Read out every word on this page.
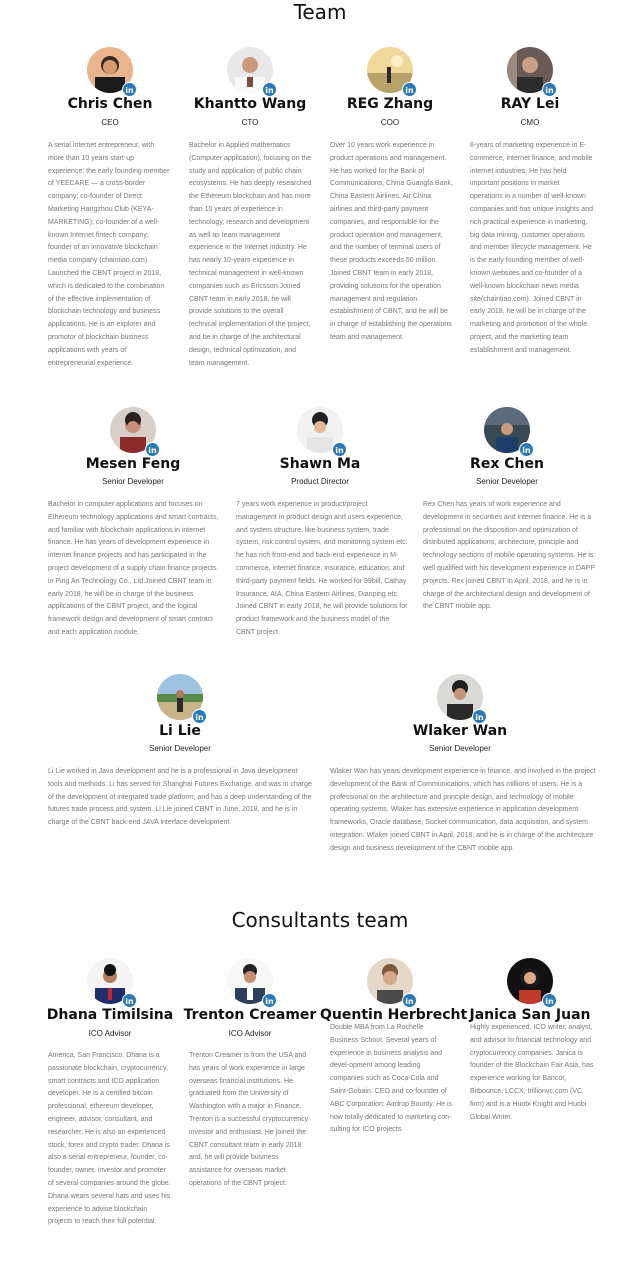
Team
in
Chris Chen
CEO
A serial internet entrepreneur, with more than 10 years start-up experience; the early founding member of YEECARE — a cross-border company; co-founder of Direct Marketing Hangzhou Club (KEYA-MARKETING); co-founder of a well-known Internet fintech company; founder of an innovative blockchain media company (chaintiao.com). Launched the CBNT project in 2018, which is dedicated to the combination of the effective implementation of blockchain technology and business applications. He is an explorer and promotor of blockchain business applications with years of entrepreneurial experience.
in
Khantto Wang
CTO
Bachelor in Applied mathematics (Computer application), focusing on the study and application of public chain ecosystems. He has deeply researched the Ethereum blockchain and has more than 10 years of experience in technology, research and development as well as team management experience in the Internet industry. He has nearly 10-years experience in technical management in well-known companies such as Ericsson.Joined CBNT team in early 2018, he will provide solutions to the overall technical implementation of the project, and be in charge of the architectural design, technical optimization, and team management.
in
REG Zhang
COO
Over 10 years work experience in product operations and management. He has worked for the Bank of Communications, China Guangfa Bank, China Eastern Airlines, Air China airlines and third-party payment companies, and responsible for the product operation and management, and the number of terminal users of these products exceeds 50 million. Joined CBNT team in early 2018, providing solutions for the operation management and regulation establishment of CBNT, and he will be in charge of establishing the operations team and management.
in
RAY Lei
CMO
8-years of marketing experience in E-commerce, internet finance, and mobile internet industries. He has held important positions in market operations in a number of well-known companies and has unique insights and rich practical experience in marketing, big data mining, customer operations and member lifecycle management. He is the early founding member of well-known websites and co-founder of a well-known blockchain news media site(chaintiao.com). Joined CBNT in early 2018, he will be in charge of the marketing and promotion of the whole project, and the marketing team establishment and management.
in
Mesen Feng
Senior Developer
Bachelor in computer applications and focuses on Ethereum technology applications and smart contracts, and familiar with blockchain applications in internet finance. He has years of development experience in internet finance projects and has participated in the project development of a supply chain finance projects in Ping An Technology Co., Ltd.Joined CBNT team in early 2018, he will be in charge of the business applications of the CBNT project, and the logical framework design and development of smart contract and each application module.
in
Shawn Ma
Product Director
7 years work experience in product/project management in product design and users experience, and system structure, like business system, trade system, risk control system, and monitoring system etc. he has rich front-end and back-end experience in M-commerce, internet finance, insurance, education, and third-party payment fields. He worked for 99bill, Cathay Insurance, AIA, China Eastern Airlines, Dianping etc. Joined CBNT in early 2018, he will provide solutions for product framework and the business model of the CBNT project.
in
Rex Chen
Senior Developer
Rex Chen has years of work experience and development in securities and internet finance. He is a professional on the disposition and optimization of distributed applications, architecture, principle and technology sections of mobile operating systems. He is well qualified with his development experience in DAPP projects. Rex joined CBNT in April, 2018, and he is in charge of the architectural design and development of the CBNT mobile app.
in
Li Lie
Senior Developer
Li Lie worked in Java development and he is a professional in Java development tools and methods. Li has served for Shanghai Futures Exchange, and was in charge of the development of integrated trade platform; and has a deep understanding of the futures trade process and system. Li Lie joined CBNT in June, 2018, and he is in charge of the CBNT back-end JAVA interface development.
in
Wlaker Wan
Senior Developer
Wlaker Wan has years development experience in finance, and involved in the project development of the Bank of Communications, which has millions of users. He is a professional on the architecture and principle design, and technology of mobile operating systems. Wlaker has extensive experience in application development frameworks, Oracle database, Socket communication, data acquisition, and system integration. Wlaker joined CBNT in April, 2018, and he is in charge of the architecture design and business development of the CBNT mobile app.
Consultants team
in
Dhana Timilsina
ICO Advisor
America, San Francisco. Dhana is a passionate blockchain, cryptocurrency, smart contracts and ICO application developer. He is a certified bitcoin professional, ethereum developer, engineer, advisor, consultant, and researcher. He is also an experienced stock, forex and crypto trader. Dhana is also a serial entrepreneur, founder, co-founder, owner, investor and promoter of several companies around the globe. Dhana wears several hats and uses his experience to advise blockchain projects to reach their full potential.
in
Trenton Creamer
ICO Advisor
Trenton Creamer is from the USA and has years of work experience in large overseas financial institutions. He graduated from the University of Washington with a major in Finance. Trenton is a successful cryptocurrency investor and enthusiast. He joined the CBNT consultant team in early 2018 and, he will provide business assistance for overseas market operations of the CBNT project.
in
Quentin Herbrecht
Double MBA from La Rochelle Business School. Several years of experience in business analysis and devel-opment among leading companies such as Coca-Cola and Saint-Gobain. CEO and co-founder of ABC Corporation: Airdrop Bounty. He is now totally dedicated to marketing con-sulting for ICO projects.
in
Janica San Juan
Highly experienced, ICO writer, analyst, and advisor to financial technology and cryptocurrency companies. Janica is founder of the Blockchain Fair Asia, has experience working for Bancor, Bitbounce, LCCX, trillionvc.com (VC firm) and is a Huobi Knight and Huobi Global Writer.
